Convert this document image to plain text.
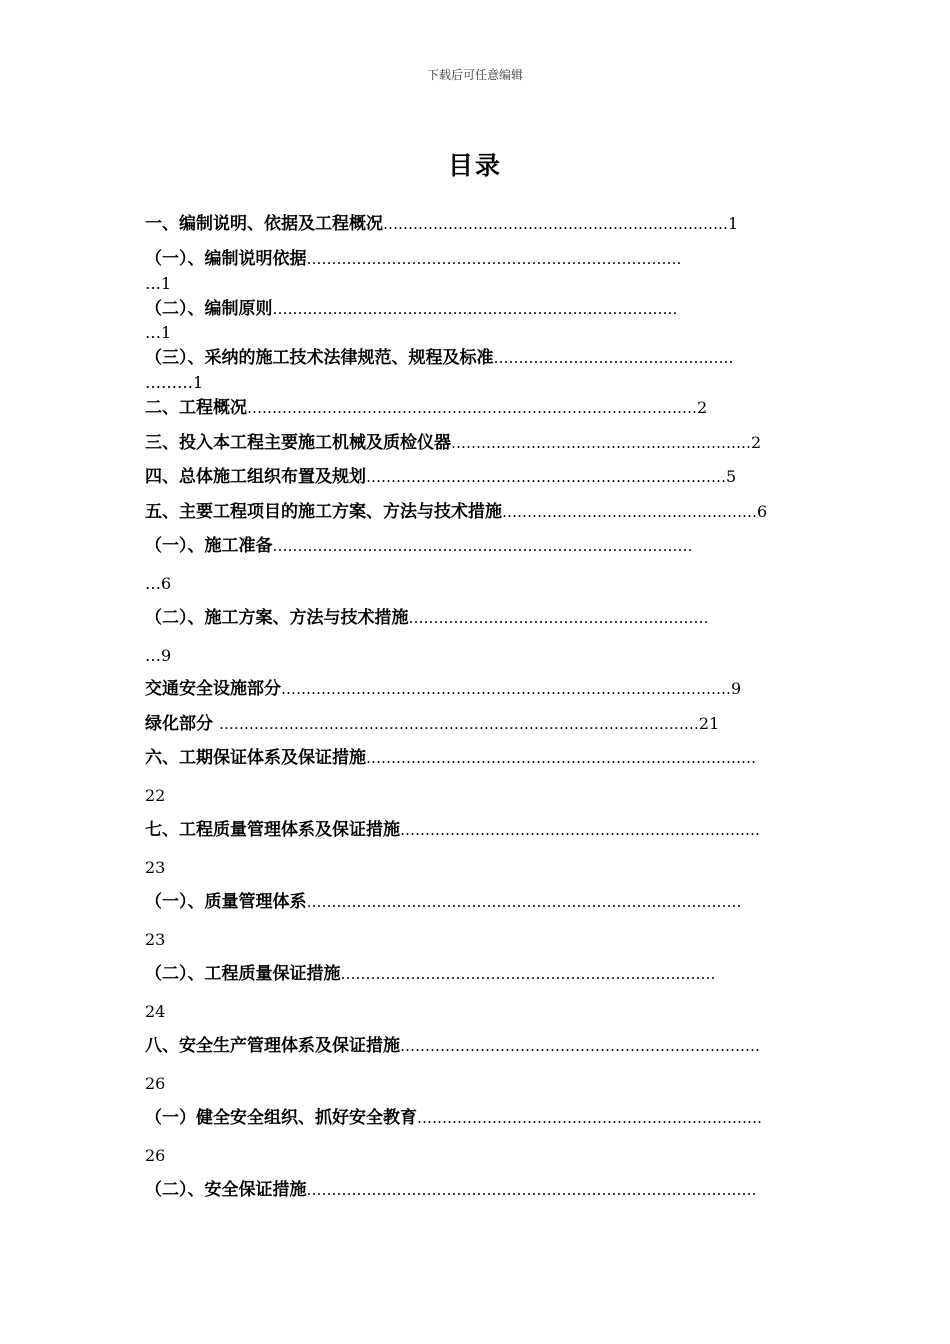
下载后可任意编辑
目录
一、编制说明、依据及工程概况……………………………………………………………1
（一）、编制说明依据…………………………………………………………………
…1
（二）、编制原则………………………………………………………………………
…1
（三）、采纳的施工技术法律规范、规程及标准…………………………………………
………1
二、工程概况………………………………………………………………………………2
三、投入本工程主要施工机械及质检仪器……………………………………………………2
四、总体施工组织布置及规划………………………………………………………………5
五、主要工程项目的施工方案、方法与技术措施……………………………………………6
（一）、施工准备…………………………………………………………………………
…6
（二）、施工方案、方法与技术措施……………………………………………………
…9
交通安全设施部分………………………………………………………………………………9
绿化部分 ……………………………………………………………………………………21
六、工期保证体系及保证措施……………………………………………………………………
22
七、工程质量管理体系及保证措施………………………………………………………………
23
（一）、质量管理体系……………………………………………………………………………
23
（二）、工程质量保证措施…………………………………………………………………
24
八、安全生产管理体系及保证措施………………………………………………………………
26
（一）健全安全组织、抓好安全教育……………………………………………………………
26
（二）、安全保证措施………………………………………………………………………………
